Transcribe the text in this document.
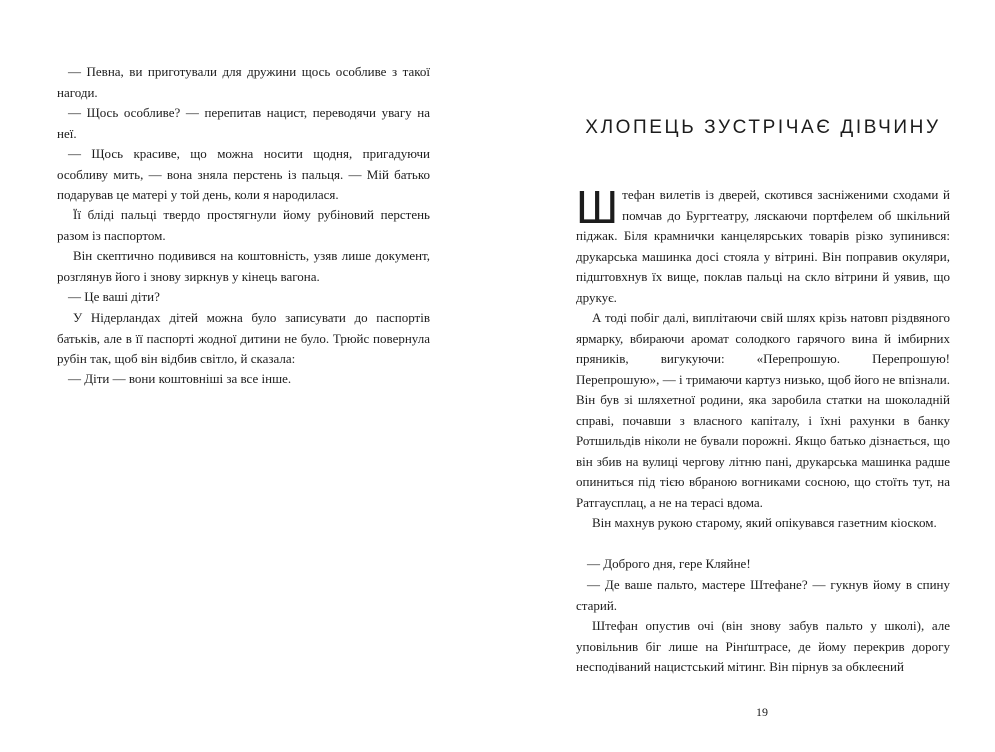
— Певна, ви приготували для дружини щось особливе з такої нагоди.

— Щось особливе? — перепитав нацист, переводячи увагу на неї.

— Щось красиве, що можна носити щодня, пригадуючи особливу мить, — вона зняла перстень із пальця. — Мій батько подарував це матері у той день, коли я народилася.

Її бліді пальці твердо простягнули йому рубіновий перстень разом із паспортом.

Він скептично подивився на коштовність, узяв лише документ, розглянув його і знову зиркнув у кінець вагона.

— Це ваші діти?

У Нідерландах дітей можна було записувати до паспортів батьків, але в її паспорті жодної дитини не було. Трюйс повернула рубін так, щоб він відбив світло, й сказала:

— Діти — вони коштовніші за все інше.

ХЛОПЕЦЬ ЗУСТРІЧАЄ ДІВЧИНУ

Штефан вилетів із дверей, скотився засніженими сходами й помчав до Бургтеатру, ляскаючи портфелем об шкільний піджак. Біля крамнички канцелярських товарів різко зупинився: друкарська машинка досі стояла у вітрині. Він поправив окуляри, підштовхнув їх вище, поклав пальці на скло вітрини й уявив, що друкує.

А тоді побіг далі, виплітаючи свій шлях крізь натовп різдвяного ярмарку, вбираючи аромат солодкого гарячого вина й імбирних пряників, вигукуючи: «Перепрошую. Перепрошую! Перепрошую», — і тримаючи картуз низько, щоб його не впізнали. Він був зі шляхетної родини, яка заробила статки на шоколадній справі, почавши з власного капіталу, і їхні рахунки в банку Ротшильдів ніколи не бували порожні. Якщо батько дізнається, що він збив на вулиці чергову літню пані, друкарська машинка радше опиниться під тією вбраною вогниками сосною, що стоїть тут, на Ратгаусплац, а не на терасі вдома.

Він махнув рукою старому, який опікувався газетним кіоском.

— Доброго дня, гере Кляйне!

— Де ваше пальто, мастере Штефане? — гукнув йому в спину старий.

Штефан опустив очі (він знову забув пальто у школі), але уповільнив біг лише на Рінґштрасе, де йому перекрив дорогу несподіваний нацистський мітинг. Він пірнув за обклеєний

19
